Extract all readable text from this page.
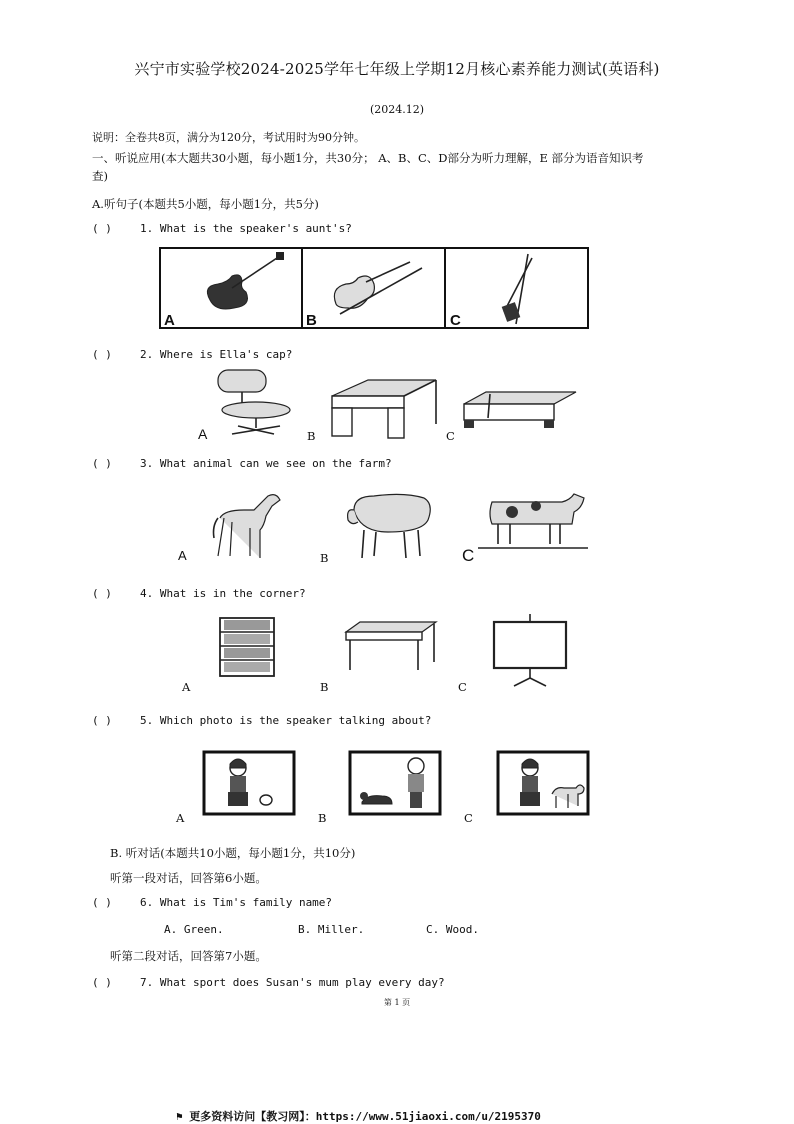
兴宁市实验学校2024-2025学年七年级上学期12月核心素养能力测试(英语科)
(2024.12)
说明：全卷共8页，满分为120分，考试用时为90分钟。
一、听说应用(本大题共30小题，每小题1分，共30分； A、B、C、D部分为听力理解，E 部分为语音知识考
查)
A.听句子(本题共5小题，每小题1分，共5分)
( )	1. What is the speaker's aunt's?
A	B	C
( )	2. Where is Ella's cap?
A	B	C
( )	3. What animal can we see on the farm?
A	B	C
( )	4. What is in the corner?
A	B	C
( )	5. Which photo is the speaker talking about?
A	B	C
B. 听对话(本题共10小题，每小题1分，共10分)
听第一段对话，回答第6小题。
( )	6. What is Tim's family name?
A. Green.	B. Miller.	C. Wood.
听第二段对话，回答第7小题。
( )	7. What sport does Susan's mum play every day?
第 1 页
⚑ 更多资料访问【教习网】：https://www.51jiaoxi.com/u/2195370
